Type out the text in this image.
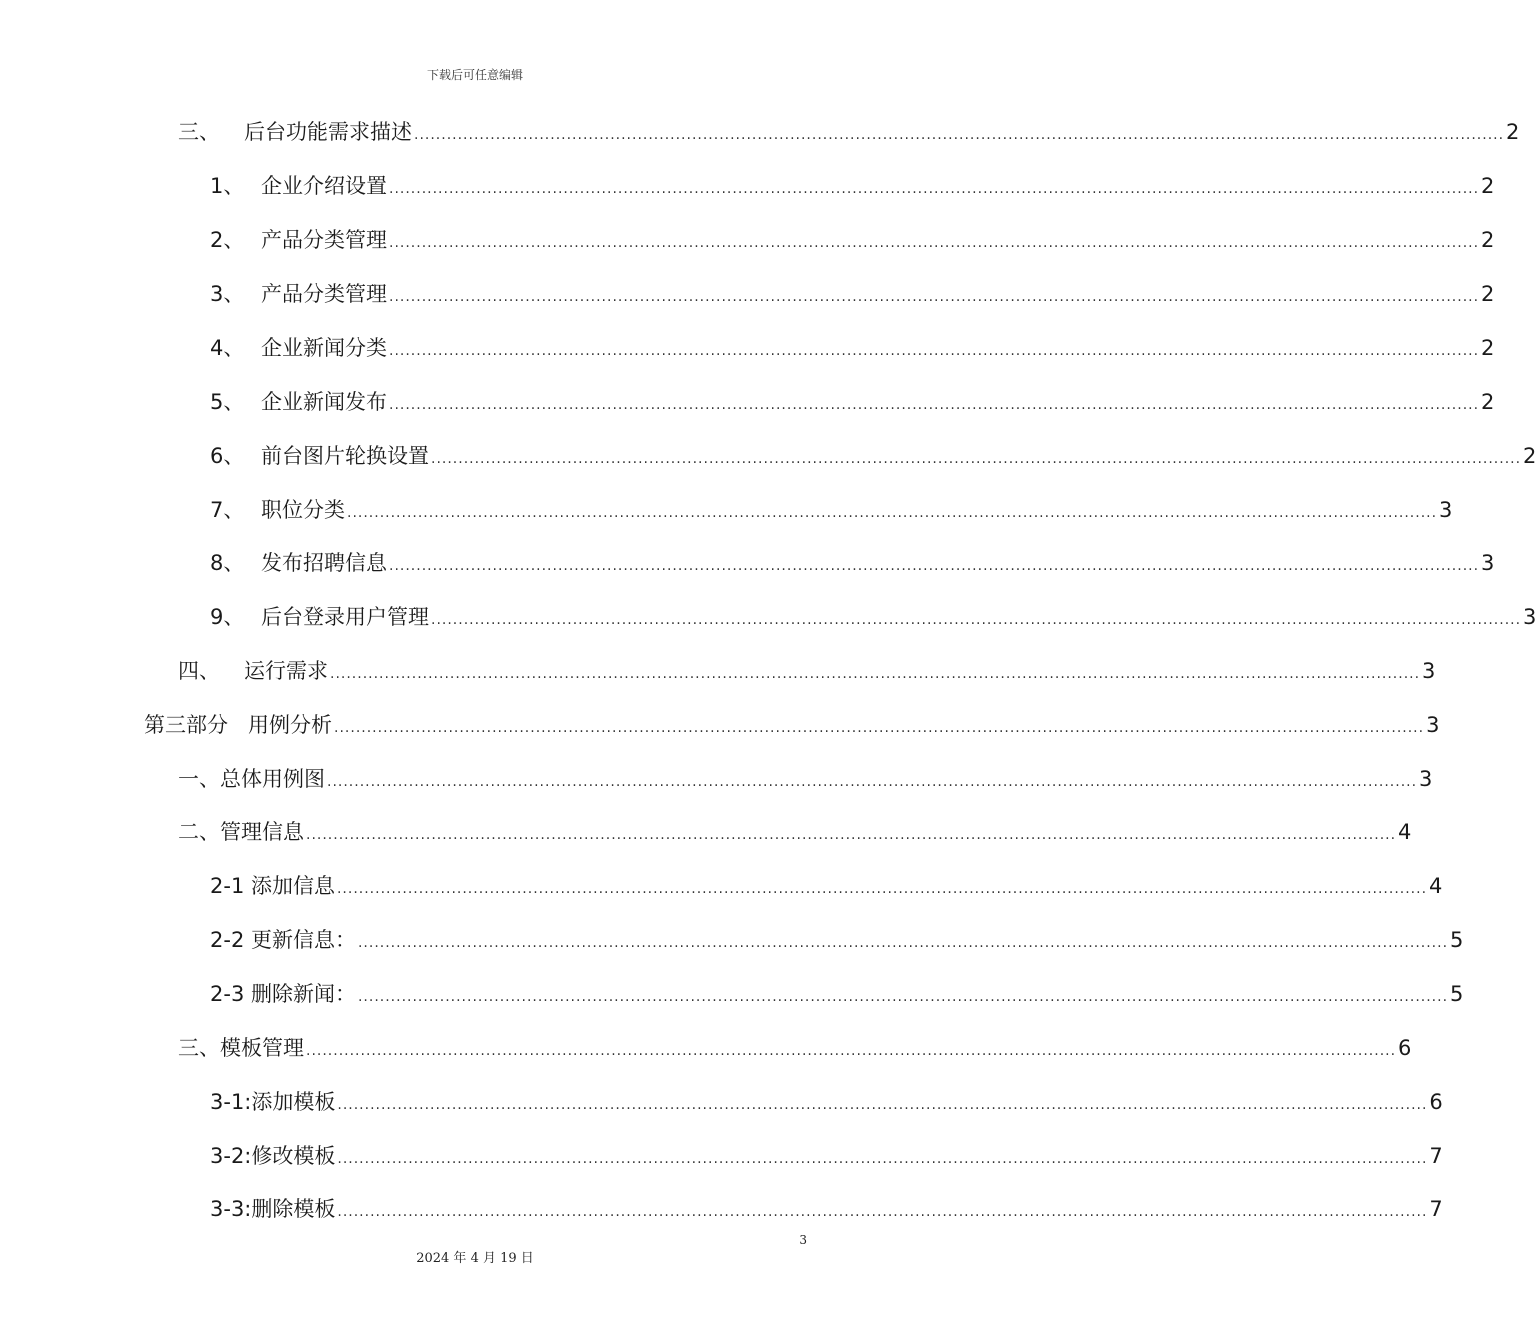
下载后可任意编辑
三、	后台功能需求描述 ........................................................................................................................................................................................................ 2
1、 企业介绍设置 ........................................................................................................................................................................................................ 2
2、 产品分类管理 ........................................................................................................................................................................................................ 2
3、 产品分类管理 ........................................................................................................................................................................................................ 2
4、 企业新闻分类 ........................................................................................................................................................................................................ 2
5、 企业新闻发布 ........................................................................................................................................................................................................ 2
6、 前台图片轮换设置 ........................................................................................................................................................................................................ 2
7、 职位分类 ........................................................................................................................................................................................................ 3
8、 发布招聘信息 ........................................................................................................................................................................................................ 3
9、 后台登录用户管理 ........................................................................................................................................................................................................ 3
四、	运行需求 ........................................................................................................................................................................................................ 3
第三部分   用例分析 ........................................................................................................................................................................................................ 3
一、总体用例图 ........................................................................................................................................................................................................ 3
二、管理信息 ........................................................................................................................................................................................................ 4
2-1 添加信息 ........................................................................................................................................................................................................ 4
2-2 更新信息： ........................................................................................................................................................................................................ 5
2-3 删除新闻： ........................................................................................................................................................................................................ 5
三、模板管理 ........................................................................................................................................................................................................ 6
3-1:添加模板 ........................................................................................................................................................................................................ 6
3-2:修改模板 ........................................................................................................................................................................................................ 7
3-3:删除模板 ........................................................................................................................................................................................................ 7
3
2024 年 4 月 19 日
